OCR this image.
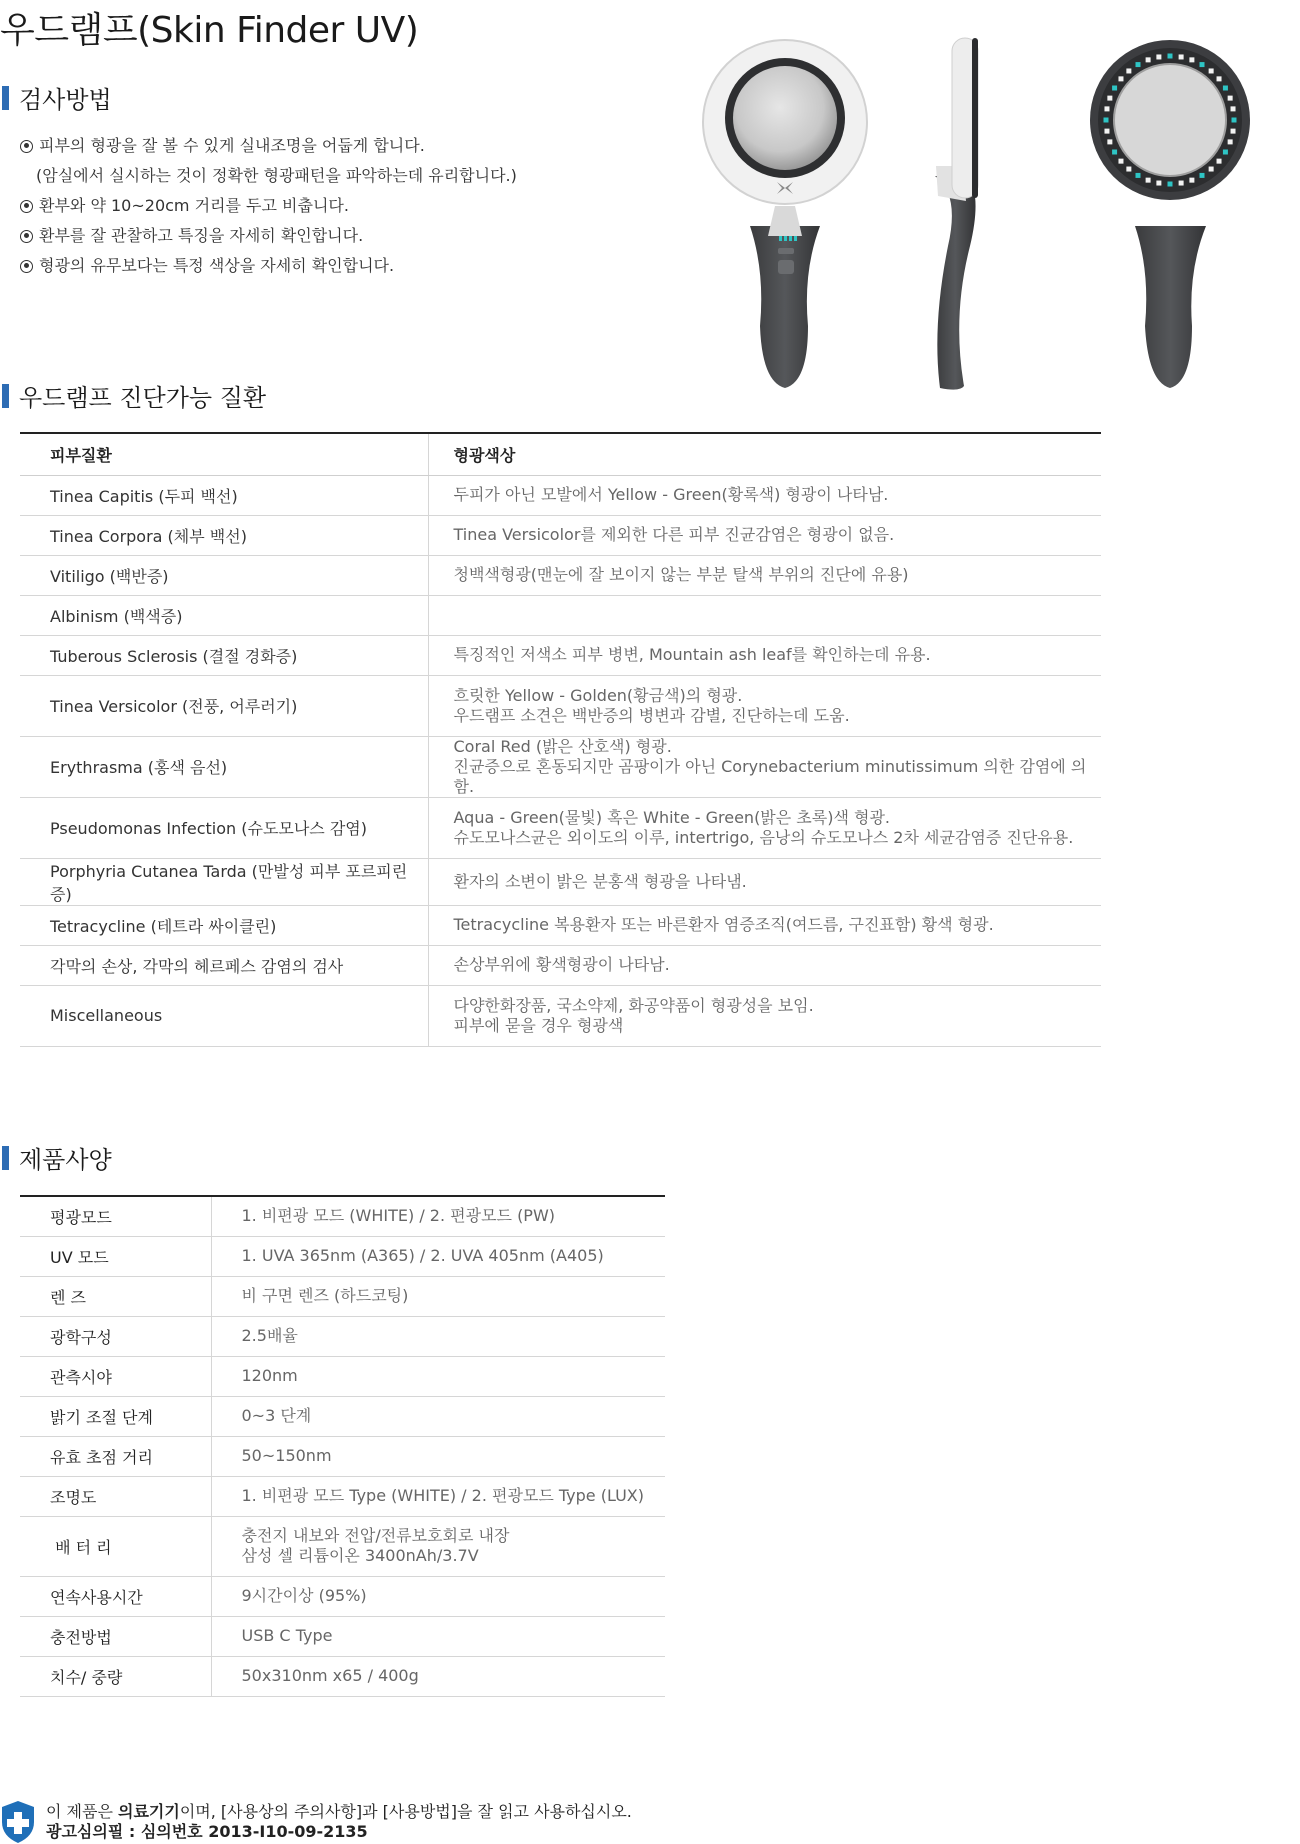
우드램프(Skin Finder UV)
검사방법
피부의 형광을 잘 볼 수 있게 실내조명을 어둡게 합니다.
(암실에서 실시하는 것이 정확한 형광패턴을 파악하는데 유리합니다.)
환부와 약 10~20cm 거리를 두고 비춥니다.
환부를 잘 관찰하고 특징을 자세히 확인합니다.
형광의 유무보다는 특정 색상을 자세히 확인합니다.
우드램프 진단가능 질환
피부질환	형광색상
Tinea Capitis (두피 백선)	두피가 아닌 모발에서 Yellow - Green(황록색) 형광이 나타남.

Tinea Corpora (체부 백선)	Tinea Versicolor를 제외한 다른 피부 진균감염은 형광이 없음.

Vitiligo (백반증)	청백색형광(맨눈에 잘 보이지 않는 부분 탈색 부위의 진단에 유용)

Albinism (백색증)	

Tuberous Sclerosis (결절 경화증)	특징적인 저색소 피부 병변, Mountain ash leaf를 확인하는데 유용.

Tinea Versicolor (전풍, 어루러기)	흐릿한 Yellow - Golden(황금색)의 형광.
우드램프 소견은 백반증의 병변과 감별, 진단하는데 도움.

Erythrasma (홍색 음선)	Coral Red (밝은 산호색) 형광.
진균증으로 혼동되지만 곰팡이가 아닌 Corynebacterium minutissimum 의한 감염에 의함.

Pseudomonas Infection (슈도모나스 감염)	Aqua - Green(물빛) 혹은 White - Green(밝은 초록)색 형광.
슈도모나스균은 외이도의 이루, intertrigo, 음낭의 슈도모나스 2차 세균감염증 진단유용.

Porphyria Cutanea Tarda (만발성 피부 포르피린증)	환자의 소변이 밝은 분홍색 형광을 나타냄.

Tetracycline (테트라 싸이클린)	Tetracycline 복용환자 또는 바른환자 염증조직(여드름, 구진표함) 황색 형광.

각막의 손상, 각막의 헤르페스 감염의 검사	손상부위에 황색형광이 나타남.

Miscellaneous	다양한화장품, 국소약제, 화공약품이 형광성을 보임.
피부에 묻을 경우 형광색
제품사양
평광모드	1. 비편광 모드 (WHITE) / 2. 편광모드 (PW)

UV 모드	1. UVA 365nm (A365) / 2. UVA 405nm (A405)

렌 즈	비 구면 렌즈 (하드코팅)

광학구성	2.5배율

관측시야	120nm

밝기 조절 단계	0~3 단계

유효 초점 거리	50~150nm

조명도	1. 비편광 모드 Type (WHITE) / 2. 편광모드 Type (LUX)

배 터 리	충전지 내보와 전압/전류보호회로 내장
삼성 셀 리튬이온 3400nAh/3.7V

연속사용시간	9시간이상 (95%)

충전방법	USB C Type

치수/ 중량	50x310nm x65 / 400g
이 제품은 의료기기이며, [사용상의 주의사항]과 [사용방법]을 잘 읽고 사용하십시오.
광고심의필 : 심의번호 2013-I10-09-2135
